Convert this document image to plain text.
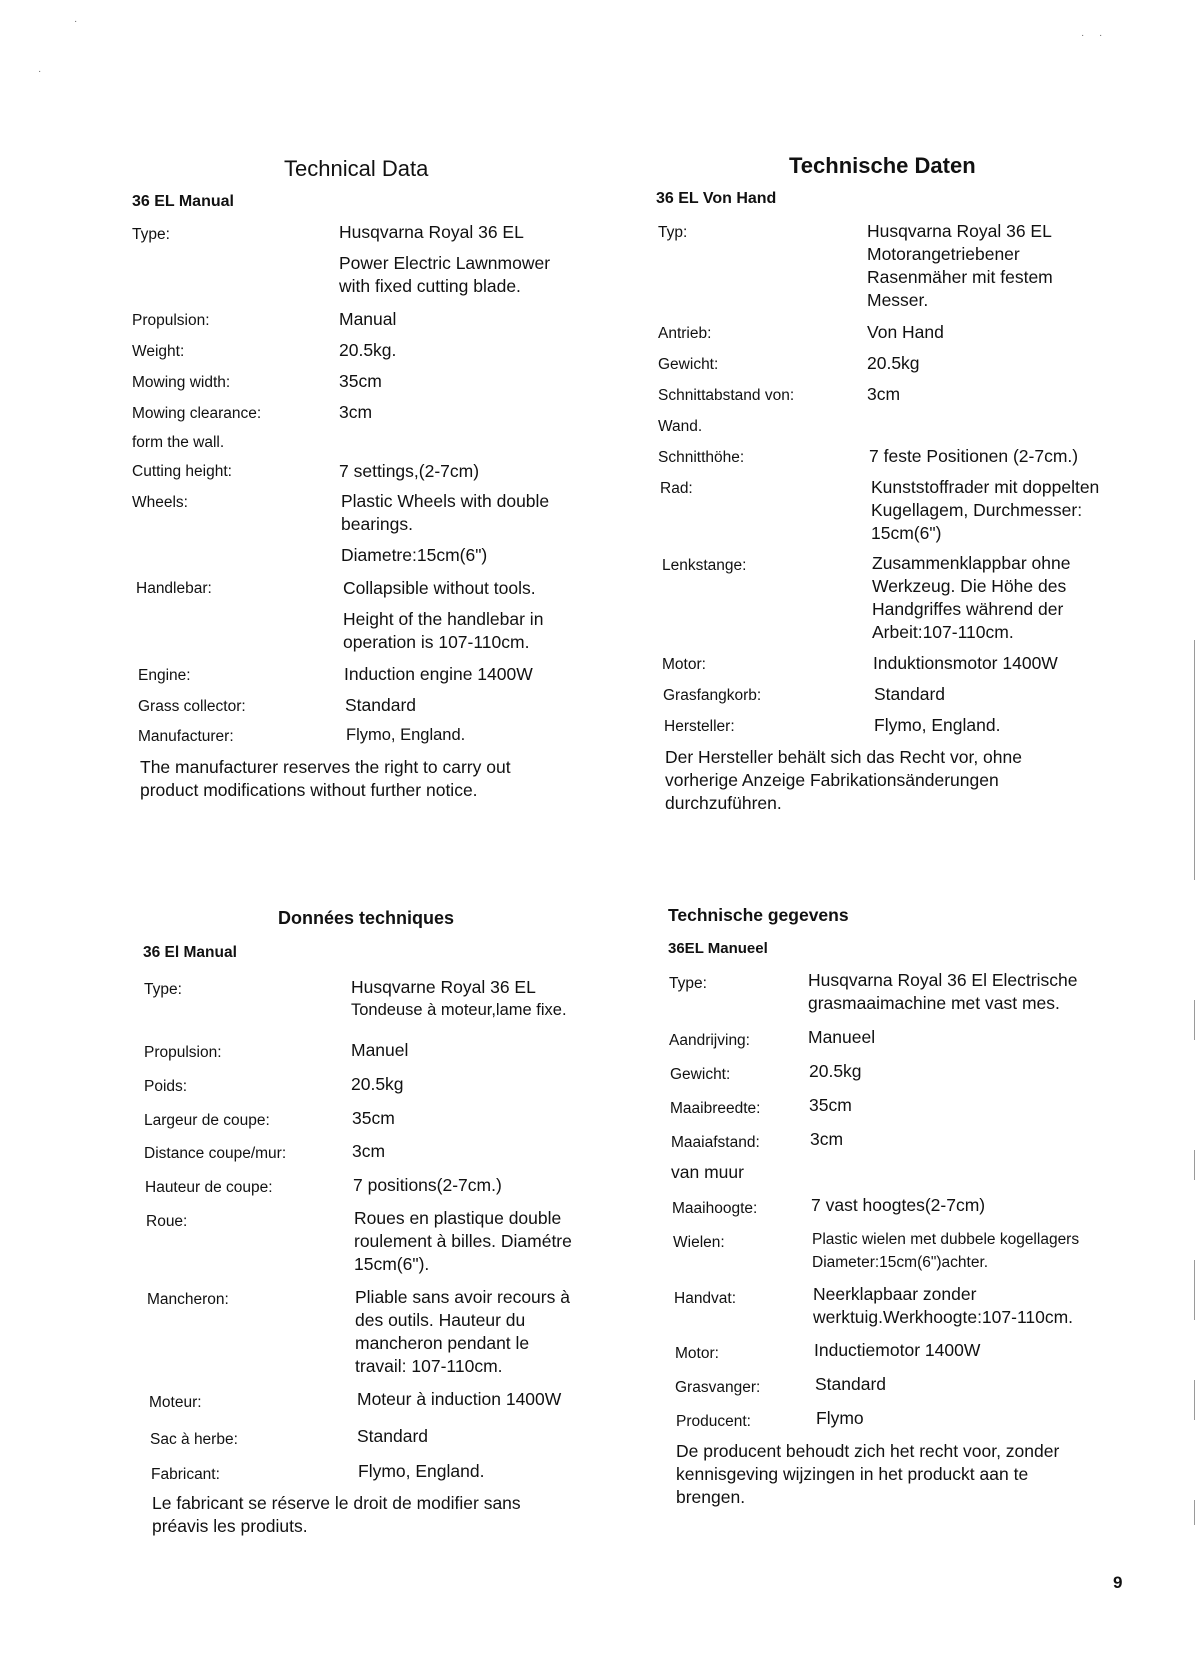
Technical Data
36 EL Manual
Type:	Husqvarna Royal 36 EL
Power Electric Lawnmower
with fixed cutting blade.
Propulsion:	Manual
Weight:	20.5kg.
Mowing width:	35cm
Mowing clearance:	3cm
form the wall.
Cutting height:	7 settings,(2-7cm)
Wheels:	Plastic Wheels with double
bearings.
Diametre:15cm(6")
Handlebar:	Collapsible without tools.
Height of the handlebar in
operation is 107-110cm.
Engine:	Induction engine 1400W
Grass collector:	Standard
Manufacturer:	Flymo, England.
The manufacturer reserves the right to carry out
product modifications without further notice.
Technische Daten
36 EL Von Hand
Typ:	Husqvarna Royal 36 EL
Motorangetriebener
Rasenmäher mit festem
Messer.
Antrieb:	Von Hand
Gewicht:	20.5kg
Schnittabstand von:	3cm
Wand.
Schnitthöhe:	7 feste Positionen (2-7cm.)
Rad:	Kunststoffrader mit doppelten
Kugellagem, Durchmesser:
15cm(6")
Lenkstange:	Zusammenklappbar ohne
Werkzeug. Die Höhe des
Handgriffes während der
Arbeit:107-110cm.
Motor:	Induktionsmotor 1400W
Grasfangkorb:	Standard
Hersteller:	Flymo, England.
Der Hersteller behält sich das Recht vor, ohne
vorherige Anzeige Fabrikationsänderungen
durchzuführen.
Données techniques
36 El Manual
Type:	Husqvarne Royal 36 EL
Tondeuse à moteur,lame fixe.
Propulsion:	Manuel
Poids:	20.5kg
Largeur de coupe:	35cm
Distance coupe/mur:	3cm
Hauteur de coupe:	7 positions(2-7cm.)
Roue:	Roues en plastique double
roulement à billes. Diamétre
15cm(6").
Mancheron:	Pliable sans avoir recours à
des outils. Hauteur du
mancheron pendant le
travail: 107-110cm.
Moteur:	Moteur à induction 1400W
Sac à herbe:	Standard
Fabricant:	Flymo, England.
Le fabricant se réserve le droit de modifier sans
préavis les prodiuts.
Technische gegevens
36EL Manueel
Type:	Husqvarna Royal 36 El Electrische
grasmaaimachine met vast mes.
Aandrijving:	Manueel
Gewicht:	20.5kg
Maaibreedte:	35cm
Maaiafstand:	3cm
van muur
Maaihoogte:	7 vast hoogtes(2-7cm)
Wielen:	Plastic wielen met dubbele kogellagers
Diameter:15cm(6")achter.
Handvat:	Neerklapbaar zonder
werktuig.Werkhoogte:107-110cm.
Motor:	Inductiemotor 1400W
Grasvanger:	Standard
Producent:	Flymo
De producent behoudt zich het recht voor, zonder
kennisgeving wijzingen in het produckt aan te
brengen.
9
·
·
· ·
